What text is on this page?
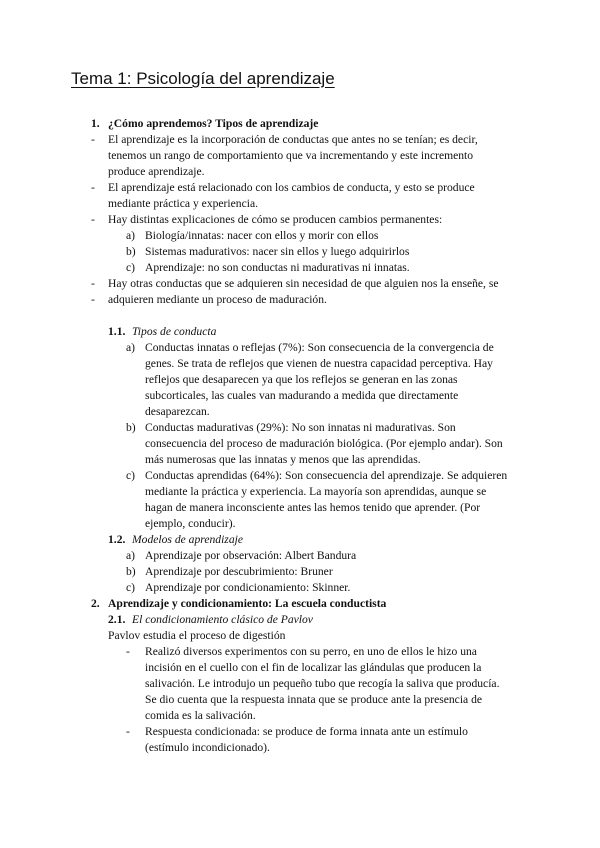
Tema 1: Psicología del aprendizaje
1. ¿Cómo aprendemos? Tipos de aprendizaje
- El aprendizaje es la incorporación de conductas que antes no se tenían; es decir,
tenemos un rango de comportamiento que va incrementando y este incremento
produce aprendizaje.
- El aprendizaje está relacionado con los cambios de conducta, y esto se produce
mediante práctica y experiencia.
- Hay distintas explicaciones de cómo se producen cambios permanentes:
a) Biología/innatas: nacer con ellos y morir con ellos
b) Sistemas madurativos: nacer sin ellos y luego adquirirlos
c) Aprendizaje: no son conductas ni madurativas ni innatas.
- Hay otras conductas que se adquieren sin necesidad de que alguien nos la enseñe, se
- adquieren mediante un proceso de maduración.
1.1. Tipos de conducta
a) Conductas innatas o reflejas (7%): Son consecuencia de la convergencia de
genes. Se trata de reflejos que vienen de nuestra capacidad perceptiva. Hay
reflejos que desaparecen ya que los reflejos se generan en las zonas
subcorticales, las cuales van madurando a medida que directamente
desaparezcan.
b) Conductas madurativas (29%): No son innatas ni madurativas. Son
consecuencia del proceso de maduración biológica. (Por ejemplo andar). Son
más numerosas que las innatas y menos que las aprendidas.
c) Conductas aprendidas (64%): Son consecuencia del aprendizaje. Se adquieren
mediante la práctica y experiencia. La mayoría son aprendidas, aunque se
hagan de manera inconsciente antes las hemos tenido que aprender. (Por
ejemplo, conducir).
1.2. Modelos de aprendizaje
a) Aprendizaje por observación: Albert Bandura
b) Aprendizaje por descubrimiento: Bruner
c) Aprendizaje por condicionamiento: Skinner.
2. Aprendizaje y condicionamiento: La escuela conductista
2.1. El condicionamiento clásico de Pavlov
Pavlov estudia el proceso de digestión
- Realizó diversos experimentos con su perro, en uno de ellos le hizo una
incisión en el cuello con el fin de localizar las glándulas que producen la
salivación. Le introdujo un pequeño tubo que recogía la saliva que producía.
Se dio cuenta que la respuesta innata que se produce ante la presencia de
comida es la salivación.
- Respuesta condicionada: se produce de forma innata ante un estímulo
(estímulo incondicionado).
